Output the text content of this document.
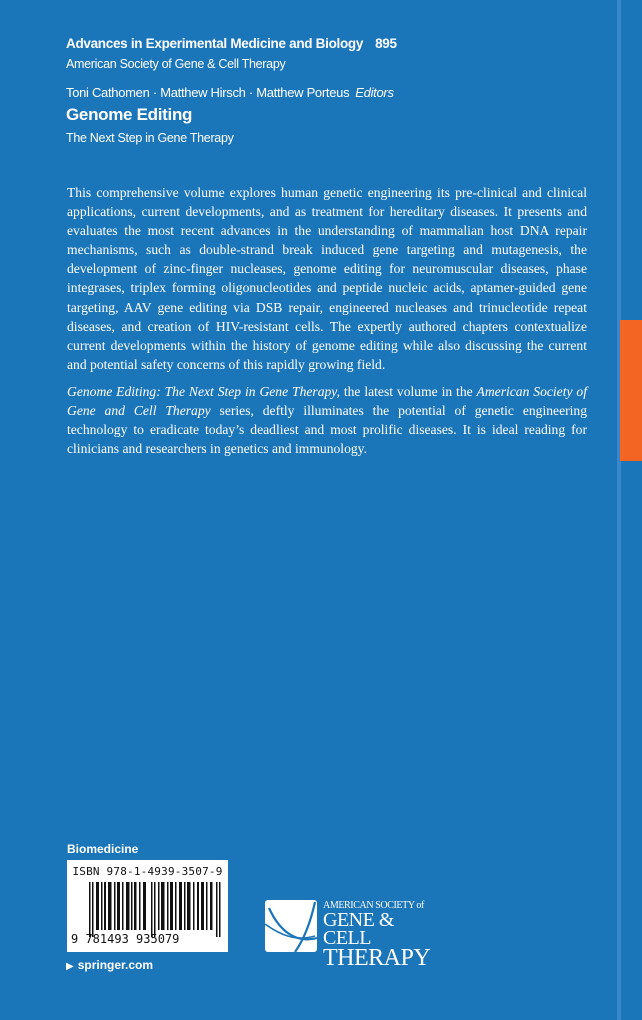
Advances in Experimental Medicine and Biology 895
American Society of Gene & Cell Therapy
Toni Cathomen · Matthew Hirsch · Matthew Porteus Editors
Genome Editing
The Next Step in Gene Therapy

This comprehensive volume explores human genetic engineering its pre-clinical and clinical applications, current developments, and as treatment for hereditary diseases. It presents and evaluates the most recent advances in the understanding of mammalian host DNA repair mechanisms, such as double-strand break induced gene targeting and mutagenesis, the development of zinc-finger nucleases, genome editing for neuromuscular diseases, phase integrases, triplex forming oligonucleotides and peptide nucleic acids, aptamer-guided gene targeting, AAV gene editing via DSB repair, engineered nucleases and trinucleotide repeat diseases, and creation of HIV-resistant cells. The expertly authored chapters contextualize current developments within the history of genome editing while also discussing the current and potential safety concerns of this rapidly growing field.

Genome Editing: The Next Step in Gene Therapy, the latest volume in the American Society of Gene and Cell Therapy series, deftly illuminates the potential of genetic engineering technology to eradicate today’s deadliest and most prolific diseases. It is ideal reading for clinicians and researchers in genetics and immunology.

Biomedicine
ISBN 978-1-4939-3507-9
9 781493 935079
▶ springer.com
AMERICAN SOCIETY of
GENE & CELL
THERAPY
